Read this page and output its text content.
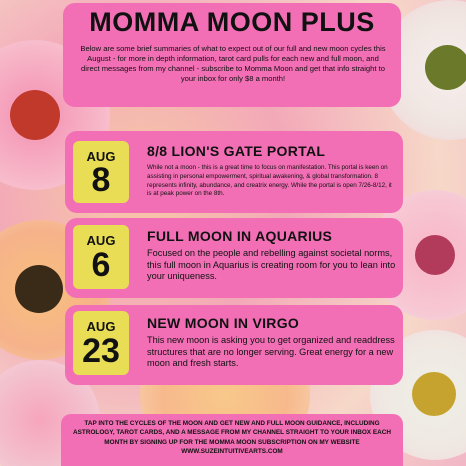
MOMMA MOON PLUS
Below are some brief summaries of what to expect out of our full and new moon cycles this August - for more in depth information, tarot card pulls for each new and full moon, and direct messages from my channel - subscribe to Momma Moon and get that info straight to your inbox for only $8 a month!
AUG
8
8/8 LION'S GATE PORTAL
While not a moon - this is a great time to focus on manifestation. This portal is keen on assisting in personal empowerment, spiritual awakening, & global transformation. 8 represents infinity, abundance, and creatrix energy. While the portal is open 7/26-8/12, it is at peak power on the 8th.
AUG
6
FULL MOON IN AQUARIUS
Focused on the people and rebelling against societal norms, this full moon in Aquarius is creating room for you to lean into your uniqueness.
AUG
23
NEW MOON IN VIRGO
This new moon is asking you to get organized and readdress structures that are no longer serving. Great energy for a new moon and fresh starts.
TAP INTO THE CYCLES OF THE MOON AND GET NEW AND FULL MOON GUIDANCE, INCLUDING ASTROLOGY, TAROT CARDS, AND A MESSAGE FROM MY CHANNEL STRAIGHT TO YOUR INBOX EACH MONTH BY SIGNING UP FOR THE MOMMA MOON SUBSCRIPTION ON MY WEBSITE
WWW.SUZEINTUITIVEARTS.COM
